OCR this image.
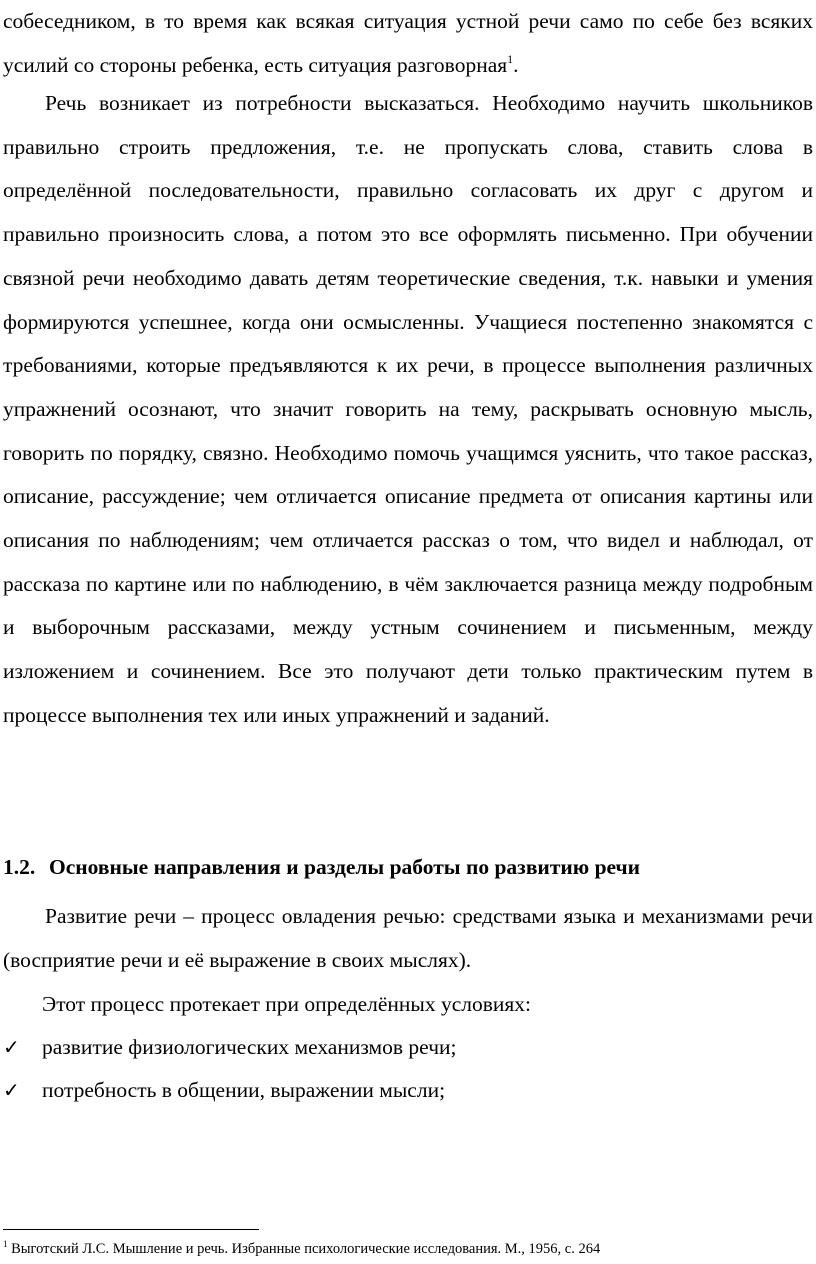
собеседником, в то время как всякая ситуация устной речи само по себе без всяких усилий со стороны ребенка, есть ситуация разговорная$^1$.

Речь возникает из потребности высказаться. Необходимо научить школьников правильно строить предложения, т.е. не пропускать слова, ставить слова в определённой последовательности, правильно согласовать их друг с другом и правильно произносить слова, а потом это все оформлять письменно. При обучении связной речи необходимо давать детям теоретические сведения, т.к. навыки и умения формируются успешнее, когда они осмысленны. Учащиеся постепенно знакомятся с требованиями, которые предъявляются к их речи, в процессе выполнения различных упражнений осознают, что значит говорить на тему, раскрывать основную мысль, говорить по порядку, связно. Необходимо помочь учащимся уяснить, что такое рассказ, описание, рассуждение; чем отличается описание предмета от описания картины или описания по наблюдениям; чем отличается рассказ о том, что видел и наблюдал, от рассказа по картине или по наблюдению, в чём заключается разница между подробным и выборочным рассказами, между устным сочинением и письменным, между изложением и сочинением. Все это получают дети только практическим путем в процессе выполнения тех или иных упражнений и заданий.

1.2. Основные направления и разделы работы по развитию речи

Развитие речи – процесс овладения речью: средствами языка и механизмами речи (восприятие речи и её выражение в своих мыслях).

Этот процесс протекает при определённых условиях:

✓ развитие физиологических механизмов речи;

✓ потребность в общении, выражении мысли;

$^1$ Выготский Л.С. Мышление и речь. Избранные психологические исследования. М., 1956, с. 264
